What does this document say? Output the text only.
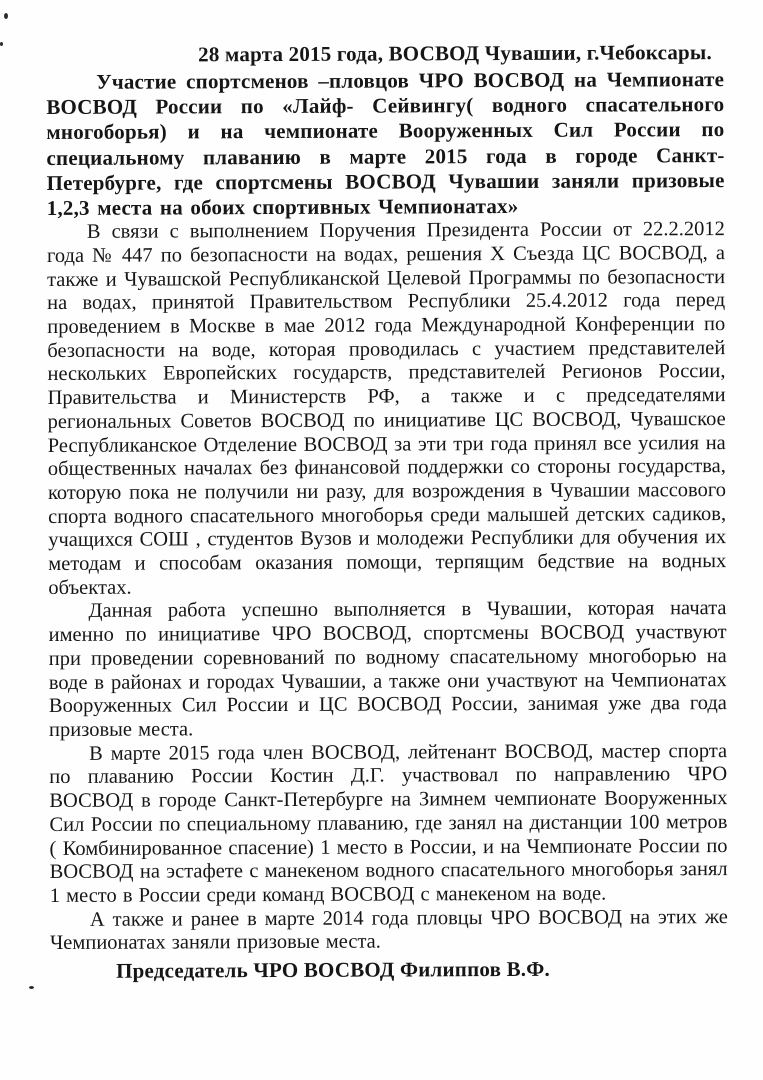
28 марта 2015 года, ВОСВОД Чувашии, г.Чебоксары.

Участие спортсменов –пловцов ЧРО ВОСВОД на Чемпионате ВОСВОД России по «Лайф- Сейвингу( водного спасательного многоборья) и на чемпионате Вооруженных Сил России по специальному плаванию в марте 2015 года в городе Санкт-Петербурге, где спортсмены ВОСВОД Чувашии заняли призовые 1,2,3 места на обоих спортивных Чемпионатах»

В связи с выполнением Поручения Президента России от 22.2.2012 года № 447 по безопасности на водах, решения Х Съезда ЦС ВОСВОД, а также и Чувашской Республиканской Целевой Программы по безопасности на водах, принятой Правительством Республики 25.4.2012 года перед проведением в Москве в мае 2012 года Международной Конференции по безопасности на воде, которая проводилась с участием представителей нескольких Европейских государств, представителей Регионов России, Правительства и Министерств РФ, а также и с председателями региональных Советов ВОСВОД по инициативе ЦС ВОСВОД, Чувашское Республиканское Отделение ВОСВОД за эти три года принял все усилия на общественных началах без финансовой поддержки со стороны государства, которую пока не получили ни разу, для возрождения в Чувашии массового спорта водного спасательного многоборья среди малышей детских садиков, учащихся СОШ , студентов Вузов и молодежи Республики для обучения их методам и способам оказания помощи, терпящим бедствие на водных объектах.

Данная работа успешно выполняется в Чувашии, которая начата именно по инициативе ЧРО ВОСВОД, спортсмены ВОСВОД участвуют при проведении соревнований по водному спасательному многоборью на воде в районах и городах Чувашии, а также они участвуют на Чемпионатах Вооруженных Сил России и ЦС ВОСВОД России, занимая уже два года призовые места.

В марте 2015 года член ВОСВОД, лейтенант ВОСВОД, мастер спорта по плаванию России Костин Д.Г. участвовал по направлению ЧРО ВОСВОД в городе Санкт-Петербурге на Зимнем чемпионате Вооруженных Сил России по специальному плаванию, где занял на дистанции 100 метров ( Комбинированное спасение) 1 место в России, и на Чемпионате России по ВОСВОД на эстафете с манекеном водного спасательного многоборья занял 1 место в России среди команд ВОСВОД с манекеном на воде.

А также и ранее в марте 2014 года пловцы ЧРО ВОСВОД на этих же Чемпионатах заняли призовые места.

Председатель ЧРО ВОСВОД Филиппов В.Ф.
